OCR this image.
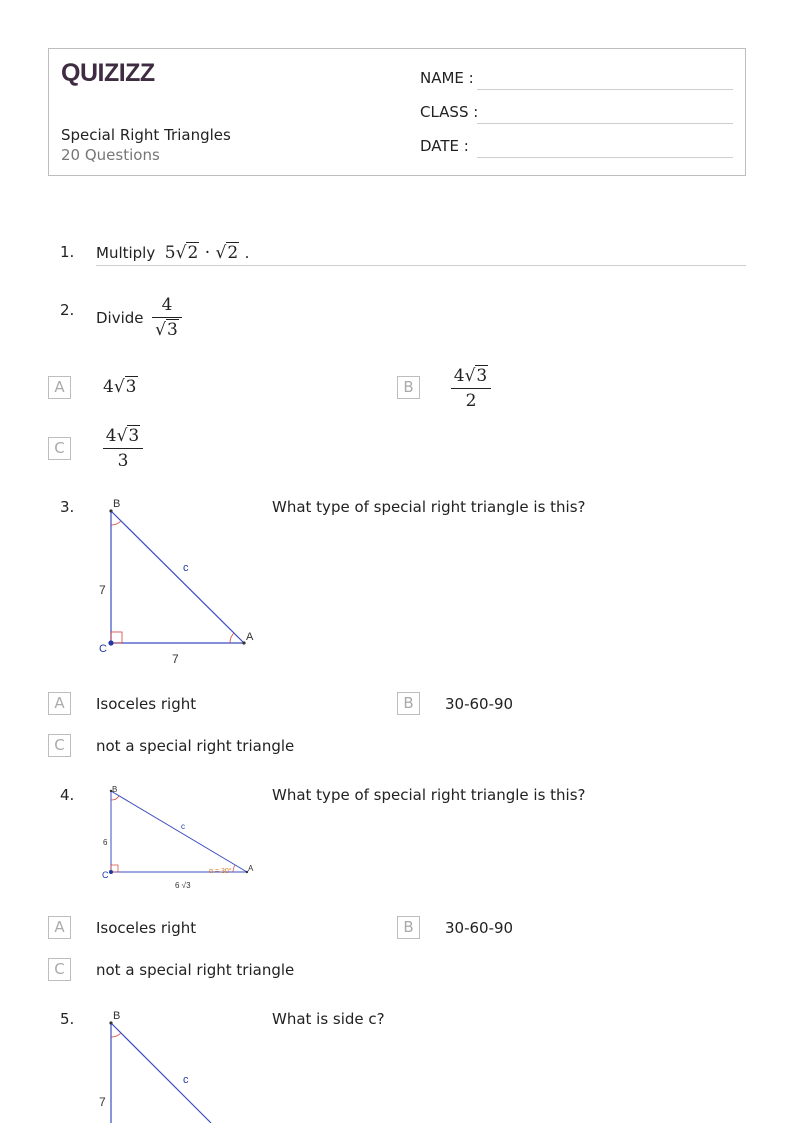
QUIZIZZ
Special Right Triangles
20 Questions
NAME :
CLASS :
DATE :
1. Multiply 5√2 · √2 .
2. Divide $\frac{4}{√3}$
A	4√3	B	$\frac{4√3}{2}$
C	$\frac{4√3}{3}$
3.	B
A
C
c
7
7
What type of special right triangle is this?
A	Isoceles right	B	30-60-90
C	not a special right triangle
4.	B
A
C
c
6
6 √3
α = 30°
What type of special right triangle is this?
A	Isoceles right	B	30-60-90
C	not a special right triangle
5.	B
c
7
What is side c?
